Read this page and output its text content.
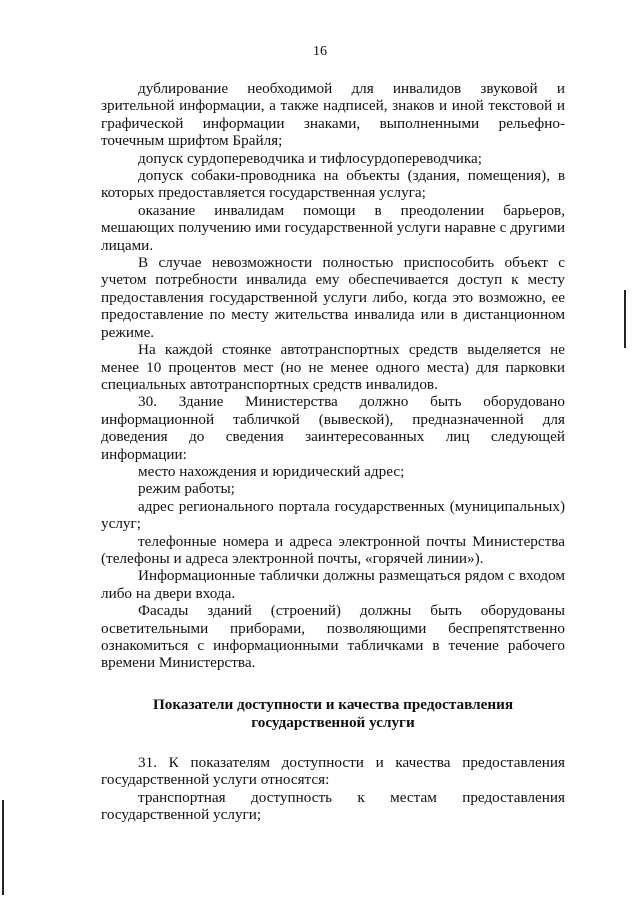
16

дублирование необходимой для инвалидов звуковой и зрительной информации, а также надписей, знаков и иной текстовой и графической информации знаками, выполненными рельефно-точечным шрифтом Брайля;

допуск сурдопереводчика и тифлосурдопереводчика;

допуск собаки-проводника на объекты (здания, помещения), в которых предоставляется государственная услуга;

оказание инвалидам помощи в преодолении барьеров, мешающих получению ими государственной услуги наравне с другими лицами.

В случае невозможности полностью приспособить объект с учетом потребности инвалида ему обеспечивается доступ к месту предоставления государственной услуги либо, когда это возможно, ее предоставление по месту жительства инвалида или в дистанционном режиме.

На каждой стоянке автотранспортных средств выделяется не менее 10 процентов мест (но не менее одного места) для парковки специальных автотранспортных средств инвалидов.

30. Здание Министерства должно быть оборудовано информационной табличкой (вывеской), предназначенной для доведения до сведения заинтересованных лиц следующей информации:

место нахождения и юридический адрес;

режим работы;

адрес регионального портала государственных (муниципальных) услуг;

телефонные номера и адреса электронной почты Министерства (телефоны и адреса электронной почты, «горячей линии»).

Информационные таблички должны размещаться рядом с входом либо на двери входа.

Фасады зданий (строений) должны быть оборудованы осветительными приборами, позволяющими беспрепятственно ознакомиться с информационными табличками в течение рабочего времени Министерства.

Показатели доступности и качества предоставления
государственной услуги

31. К показателям доступности и качества предоставления государственной услуги относятся:

транспортная доступность к местам предоставления государственной услуги;
